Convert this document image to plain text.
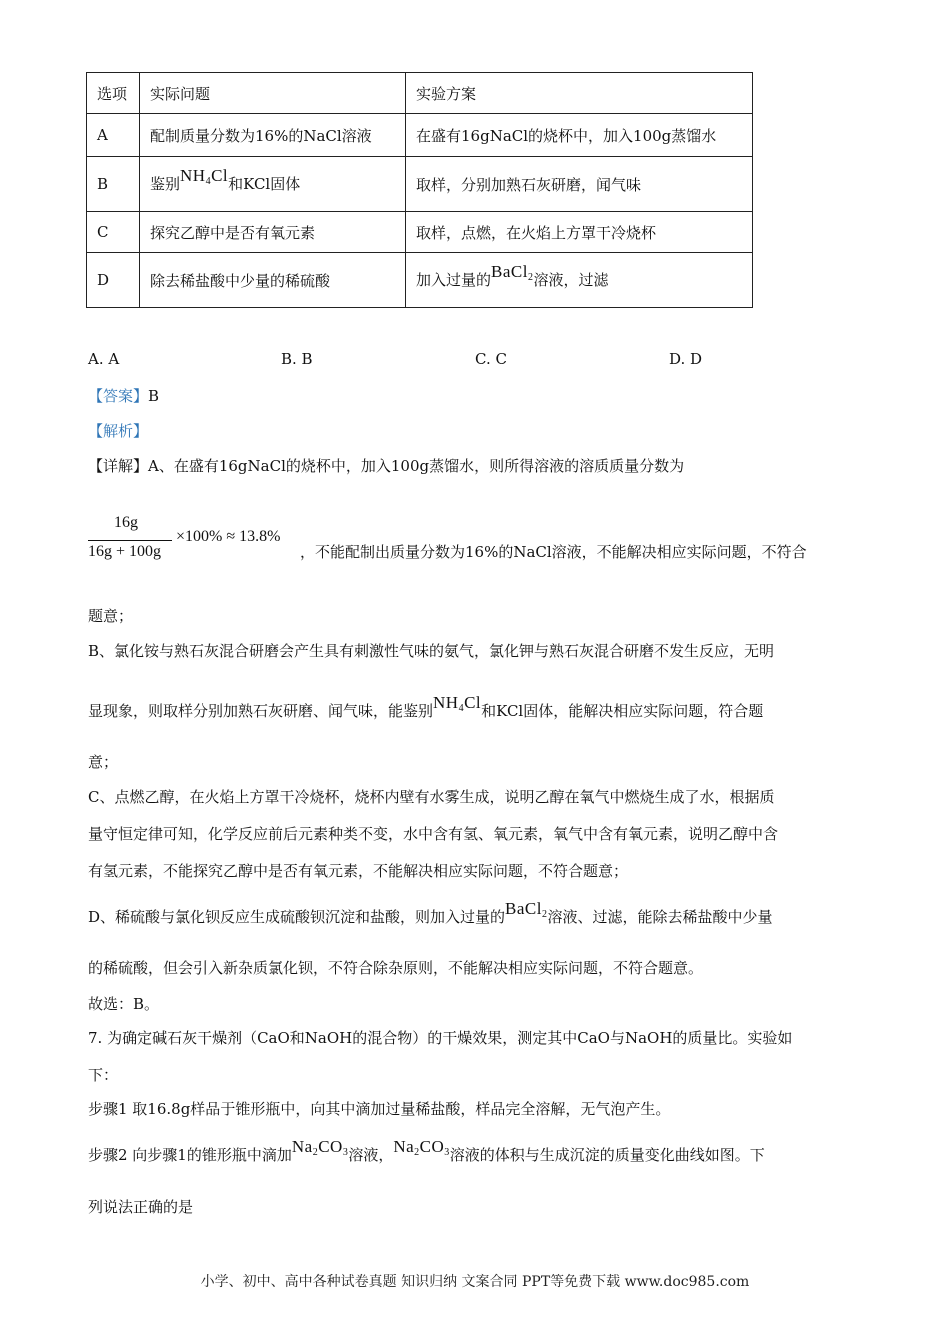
选项	实际问题	实验方案
A	配制质量分数为16%的NaCl溶液	在盛有16gNaCl的烧杯中，加入100g蒸馏水
B	鉴别$NH_4Cl$和KCl固体	取样，分别加熟石灰研磨，闻气味
C	探究乙醇中是否有氧元素	取样，点燃，在火焰上方罩干冷烧杯
D	除去稀盐酸中少量的稀硫酸	加入过量的BaCl$_2$溶液，过滤
A. A	B. B	C. C	D. D
【答案】B
【解析】
【详解】A、在盛有16gNaCl的烧杯中，加入100g蒸馏水，则所得溶液的溶质质量分数为
16g
16g + 100g
×100% ≈ 13.8%
，不能配制出质量分数为16%的NaCl溶液，不能解决相应实际问题，不符合
题意；
B、氯化铵与熟石灰混合研磨会产生具有刺激性气味的氨气，氯化钾与熟石灰混合研磨不发生反应，无明
显现象，则取样分别加熟石灰研磨、闻气味，能鉴别$NH_4Cl$和KCl固体，能解决相应实际问题，符合题
意；
C、点燃乙醇，在火焰上方罩干冷烧杯，烧杯内壁有水雾生成，说明乙醇在氧气中燃烧生成了水，根据质
量守恒定律可知，化学反应前后元素种类不变，水中含有氢、氧元素，氧气中含有氧元素，说明乙醇中含
有氢元素，不能探究乙醇中是否有氧元素，不能解决相应实际问题，不符合题意；
D、稀硫酸与氯化钡反应生成硫酸钡沉淀和盐酸，则加入过量的BaCl$_2$溶液、过滤，能除去稀盐酸中少量
的稀硫酸，但会引入新杂质氯化钡，不符合除杂原则，不能解决相应实际问题，不符合题意。
故选：B。
7. 为确定碱石灰干燥剂（CaO和NaOH的混合物）的干燥效果，测定其中CaO与NaOH的质量比。实验如
下：
步骤1 取16.8g样品于锥形瓶中，向其中滴加过量稀盐酸，样品完全溶解，无气泡产生。
步骤2 向步骤1的锥形瓶中滴加$Na_2CO_3$溶液，$Na_2CO_3$溶液的体积与生成沉淀的质量变化曲线如图。下
列说法正确的是
小学、初中、高中各种试卷真题 知识归纳 文案合同 PPT等免费下载 www.doc985.com
